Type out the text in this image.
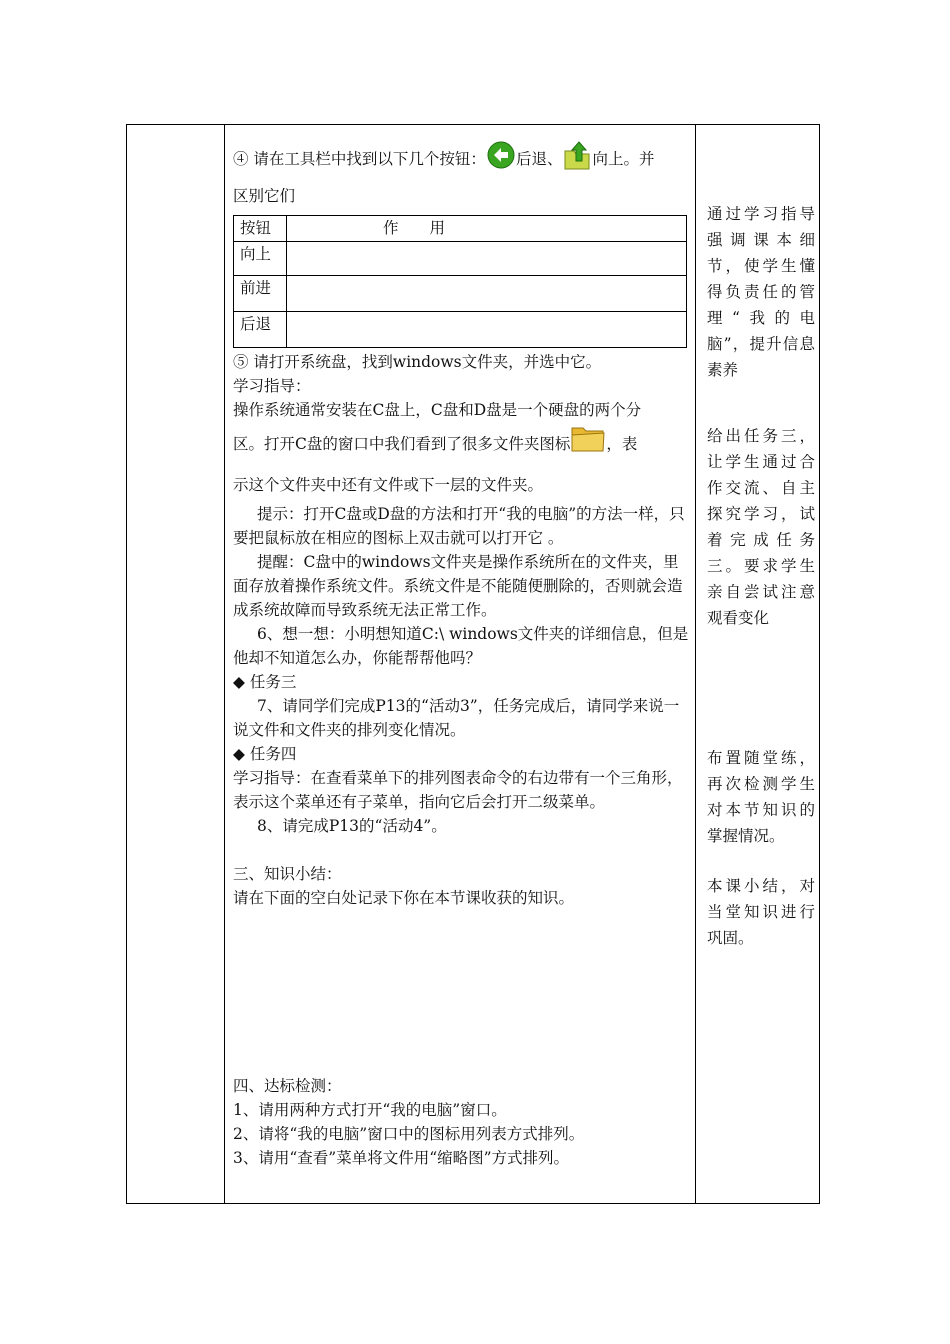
④ 请在工具栏中找到以下几个按钮： 后退、 向上。并

区别它们

按钮	作　　用
向上	
前进	
后退	

⑤ 请打开系统盘，找到windows文件夹，并选中它。

学习指导：

操作系统通常安装在C盘上，C盘和D盘是一个硬盘的两个分

区。打开C盘的窗口中我们看到了很多文件夹图标 ，表

示这个文件夹中还有文件或下一层的文件夹。

提示：打开C盘或D盘的方法和打开“我的电脑”的方法一样，只要把鼠标放在相应的图标上双击就可以打开它 。

提醒：C盘中的windows文件夹是操作系统所在的文件夹，里面存放着操作系统文件。系统文件是不能随便删除的，否则就会造成系统故障而导致系统无法正常工作。

6、想一想：小明想知道C:\ windows文件夹的详细信息，但是他却不知道怎么办，你能帮帮他吗？

◆ 任务三

7、请同学们完成P13的“活动3”，任务完成后，请同学来说一说文件和文件夹的排列变化情况。

◆ 任务四

学习指导：在查看菜单下的排列图表命令的右边带有一个三角形，表示这个菜单还有子菜单，指向它后会打开二级菜单。

8、请完成P13的“活动4”。

三、知识小结：

请在下面的空白处记录下你在本节课收获的知识。

四、达标检测：

1、请用两种方式打开“我的电脑”窗口。

2、请将“我的电脑”窗口中的图标用列表方式排列。

3、请用“查看”菜单将文件用“缩略图”方式排列。

通过学习指导强调课本细节，使学生懂得负责任的管理“我的电脑”，提升信息素养

给出任务三，让学生通过合作交流、自主探究学习，试着完成任务三。要求学生亲自尝试注意观看变化

布置随堂练，再次检测学生对本节知识的掌握情况。

本课小结，对当堂知识进行巩固。
